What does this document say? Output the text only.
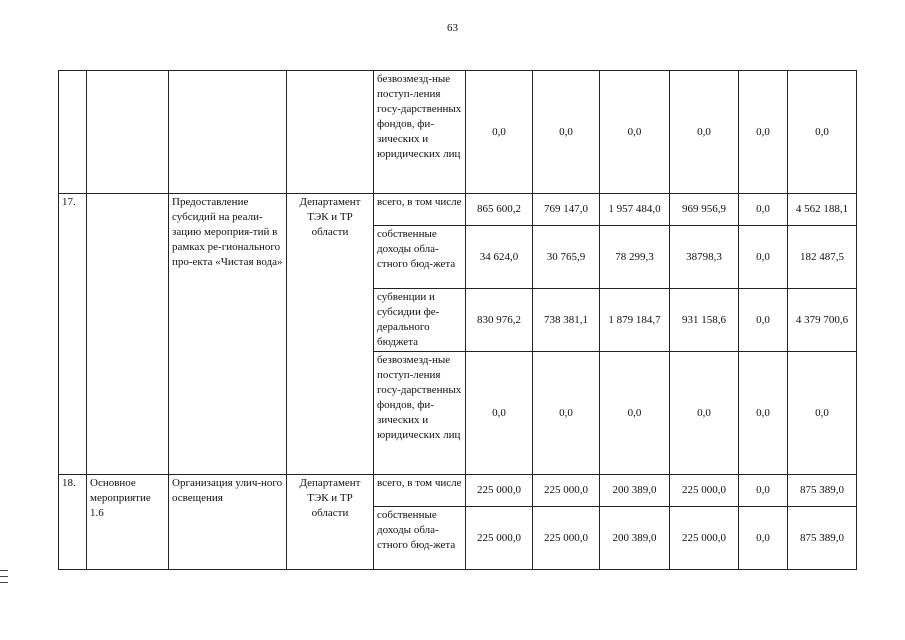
63
				безвозмезд-ные поступ-ления госу-дарственных фондов, фи-зических и юридических лиц	0,0	0,0	0,0	0,0	0,0	0,0
17.		Предоставление субсидий на реали-зацию мероприя-тий в рамках ре-гионального про-екта «Чистая вода»	Департамент ТЭК и ТР области	всего, в том числе	865 600,2	769 147,0	1 957 484,0	969 956,9	0,0	4 562 188,1
				собственные доходы обла-стного бюд-жета	34 624,0	30 765,9	78 299,3	38798,3	0,0	182 487,5
				субвенции и субсидии фе-дерального бюджета	830 976,2	738 381,1	1 879 184,7	931 158,6	0,0	4 379 700,6
				безвозмезд-ные поступ-ления госу-дарственных фондов, фи-зических и юридических лиц	0,0	0,0	0,0	0,0	0,0	0,0
18.	Основное мероприятие 1.6	Организация улич-ного освещения	Департамент ТЭК и ТР области	всего, в том числе	225 000,0	225 000,0	200 389,0	225 000,0	0,0	875 389,0
				собственные доходы обла-стного бюд-жета	225 000,0	225 000,0	200 389,0	225 000,0	0,0	875 389,0
